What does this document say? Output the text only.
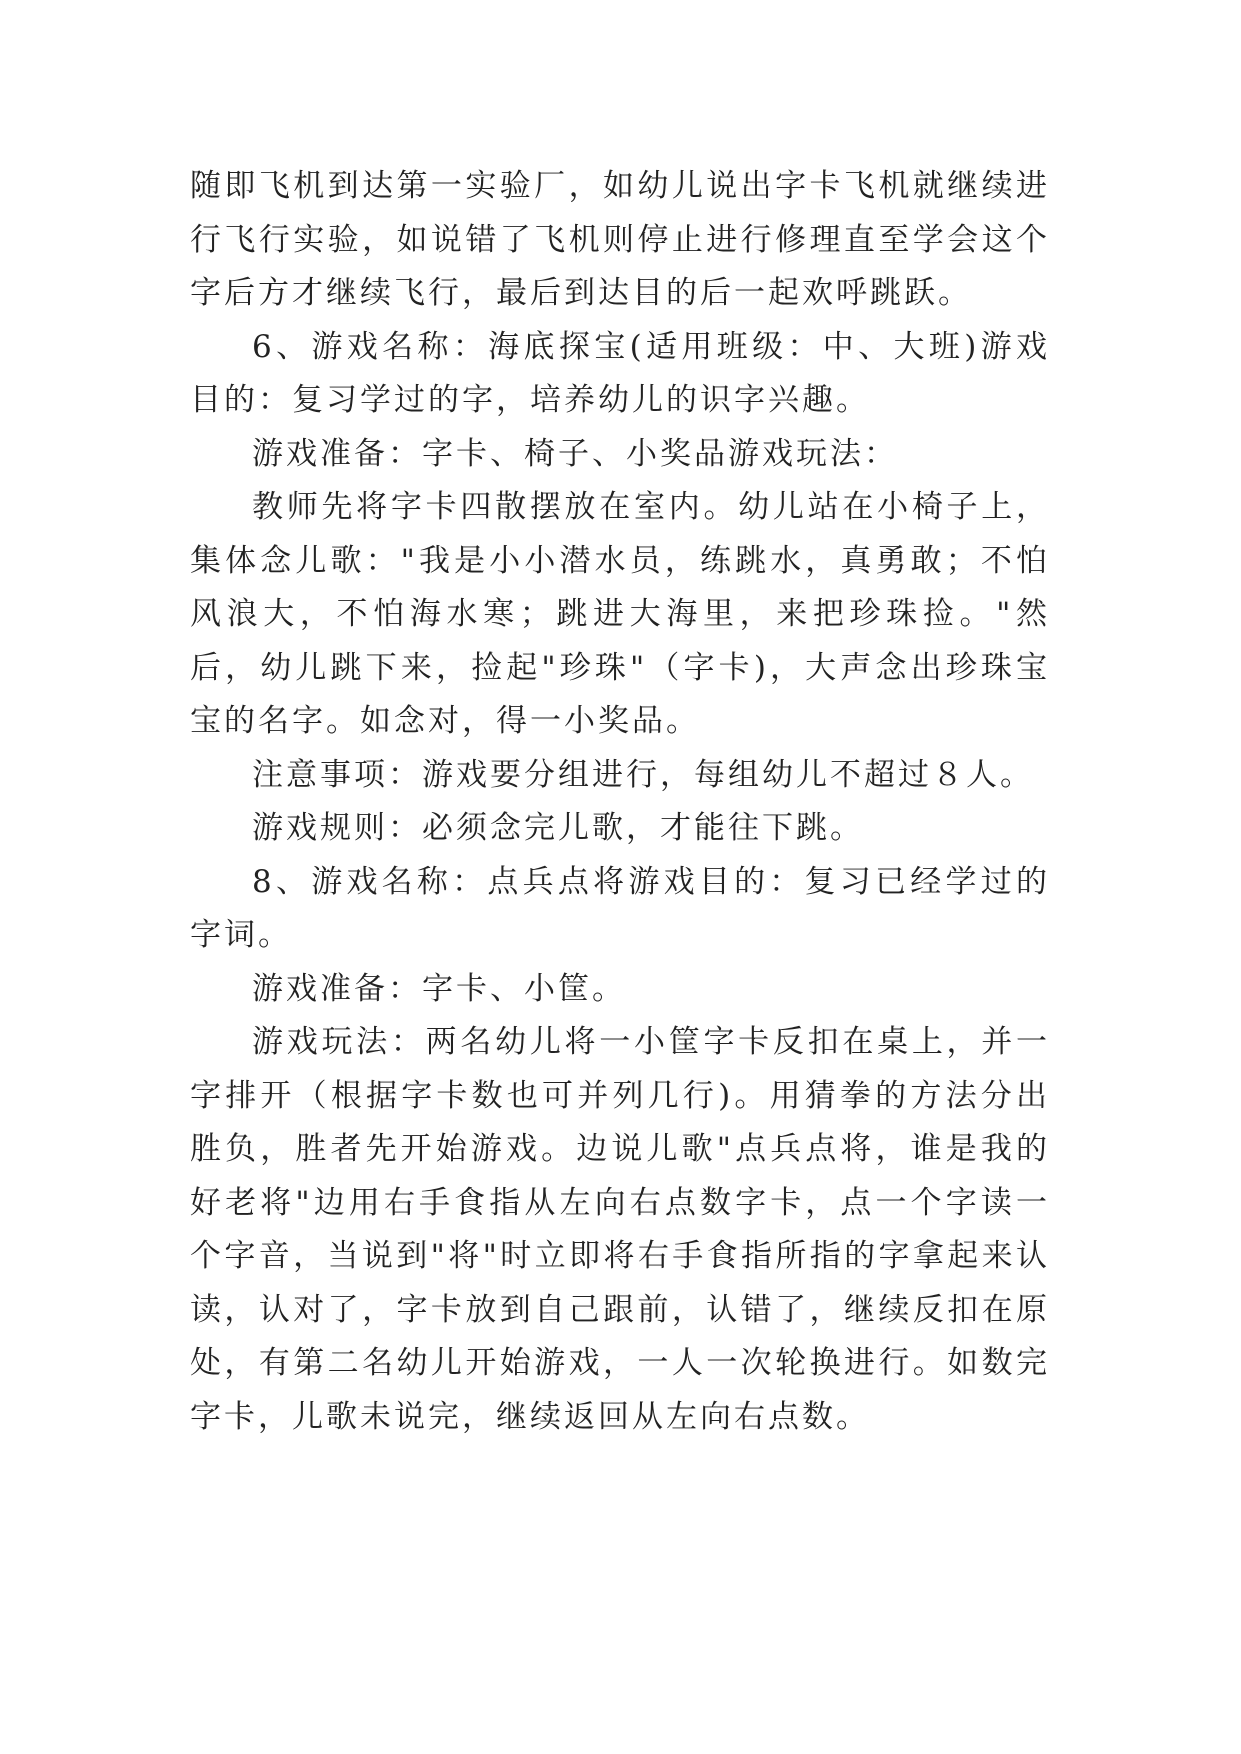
随即飞机到达第一实验厂，如幼儿说出字卡飞机就继续进行飞行实验，如说错了飞机则停止进行修理直至学会这个字后方才继续飞行，最后到达目的后一起欢呼跳跃。

6、游戏名称：海底探宝(适用班级：中、大班)游戏目的：复习学过的字，培养幼儿的识字兴趣。

游戏准备：字卡、椅子、小奖品游戏玩法：

教师先将字卡四散摆放在室内。幼儿站在小椅子上，集体念儿歌："我是小小潜水员，练跳水，真勇敢；不怕风浪大，不怕海水寒；跳进大海里，来把珍珠捡。"然后，幼儿跳下来，捡起"珍珠"（字卡)，大声念出珍珠宝宝的名字。如念对，得一小奖品。

注意事项：游戏要分组进行，每组幼儿不超过８人。

游戏规则：必须念完儿歌，才能往下跳。

8、游戏名称：点兵点将游戏目的：复习已经学过的字词。

游戏准备：字卡、小筐。

游戏玩法：两名幼儿将一小筐字卡反扣在桌上，并一字排开（根据字卡数也可并列几行)。用猜拳的方法分出胜负，胜者先开始游戏。边说儿歌"点兵点将，谁是我的好老将"边用右手食指从左向右点数字卡，点一个字读一个字音，当说到"将"时立即将右手食指所指的字拿起来认读，认对了，字卡放到自己跟前，认错了，继续反扣在原处，有第二名幼儿开始游戏，一人一次轮换进行。如数完字卡，儿歌未说完，继续返回从左向右点数。
